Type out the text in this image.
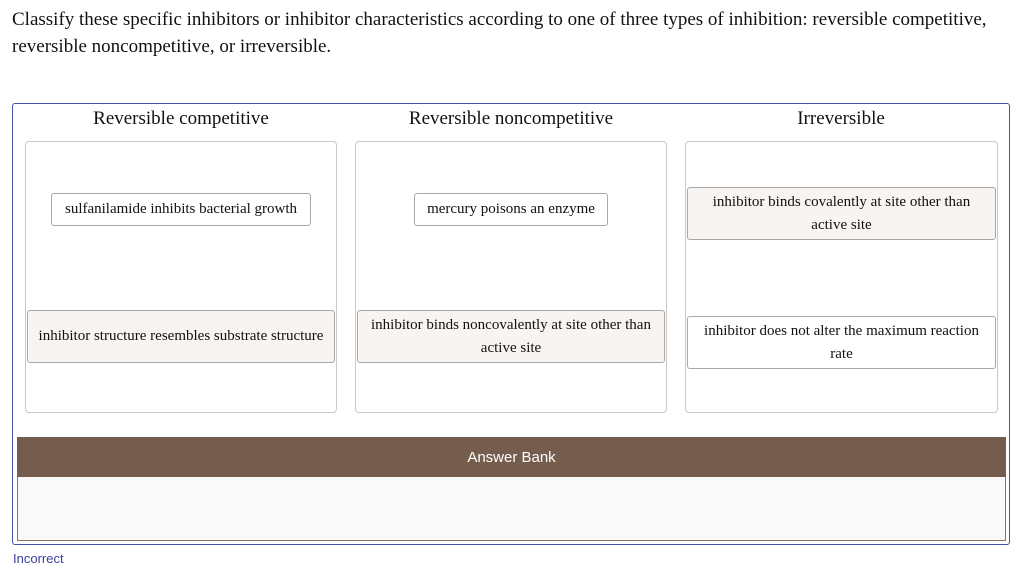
Classify these specific inhibitors or inhibitor characteristics according to one of three types of inhibition: reversible competitive, reversible noncompetitive, or irreversible.
Reversible competitive
sulfanilamide inhibits bacterial growth
inhibitor structure resembles substrate structure
Reversible noncompetitive
mercury poisons an enzyme
inhibitor binds noncovalently at site other than active site
Irreversible
inhibitor binds covalently at site other than active site
inhibitor does not alter the maximum reaction rate
Answer Bank
Incorrect
